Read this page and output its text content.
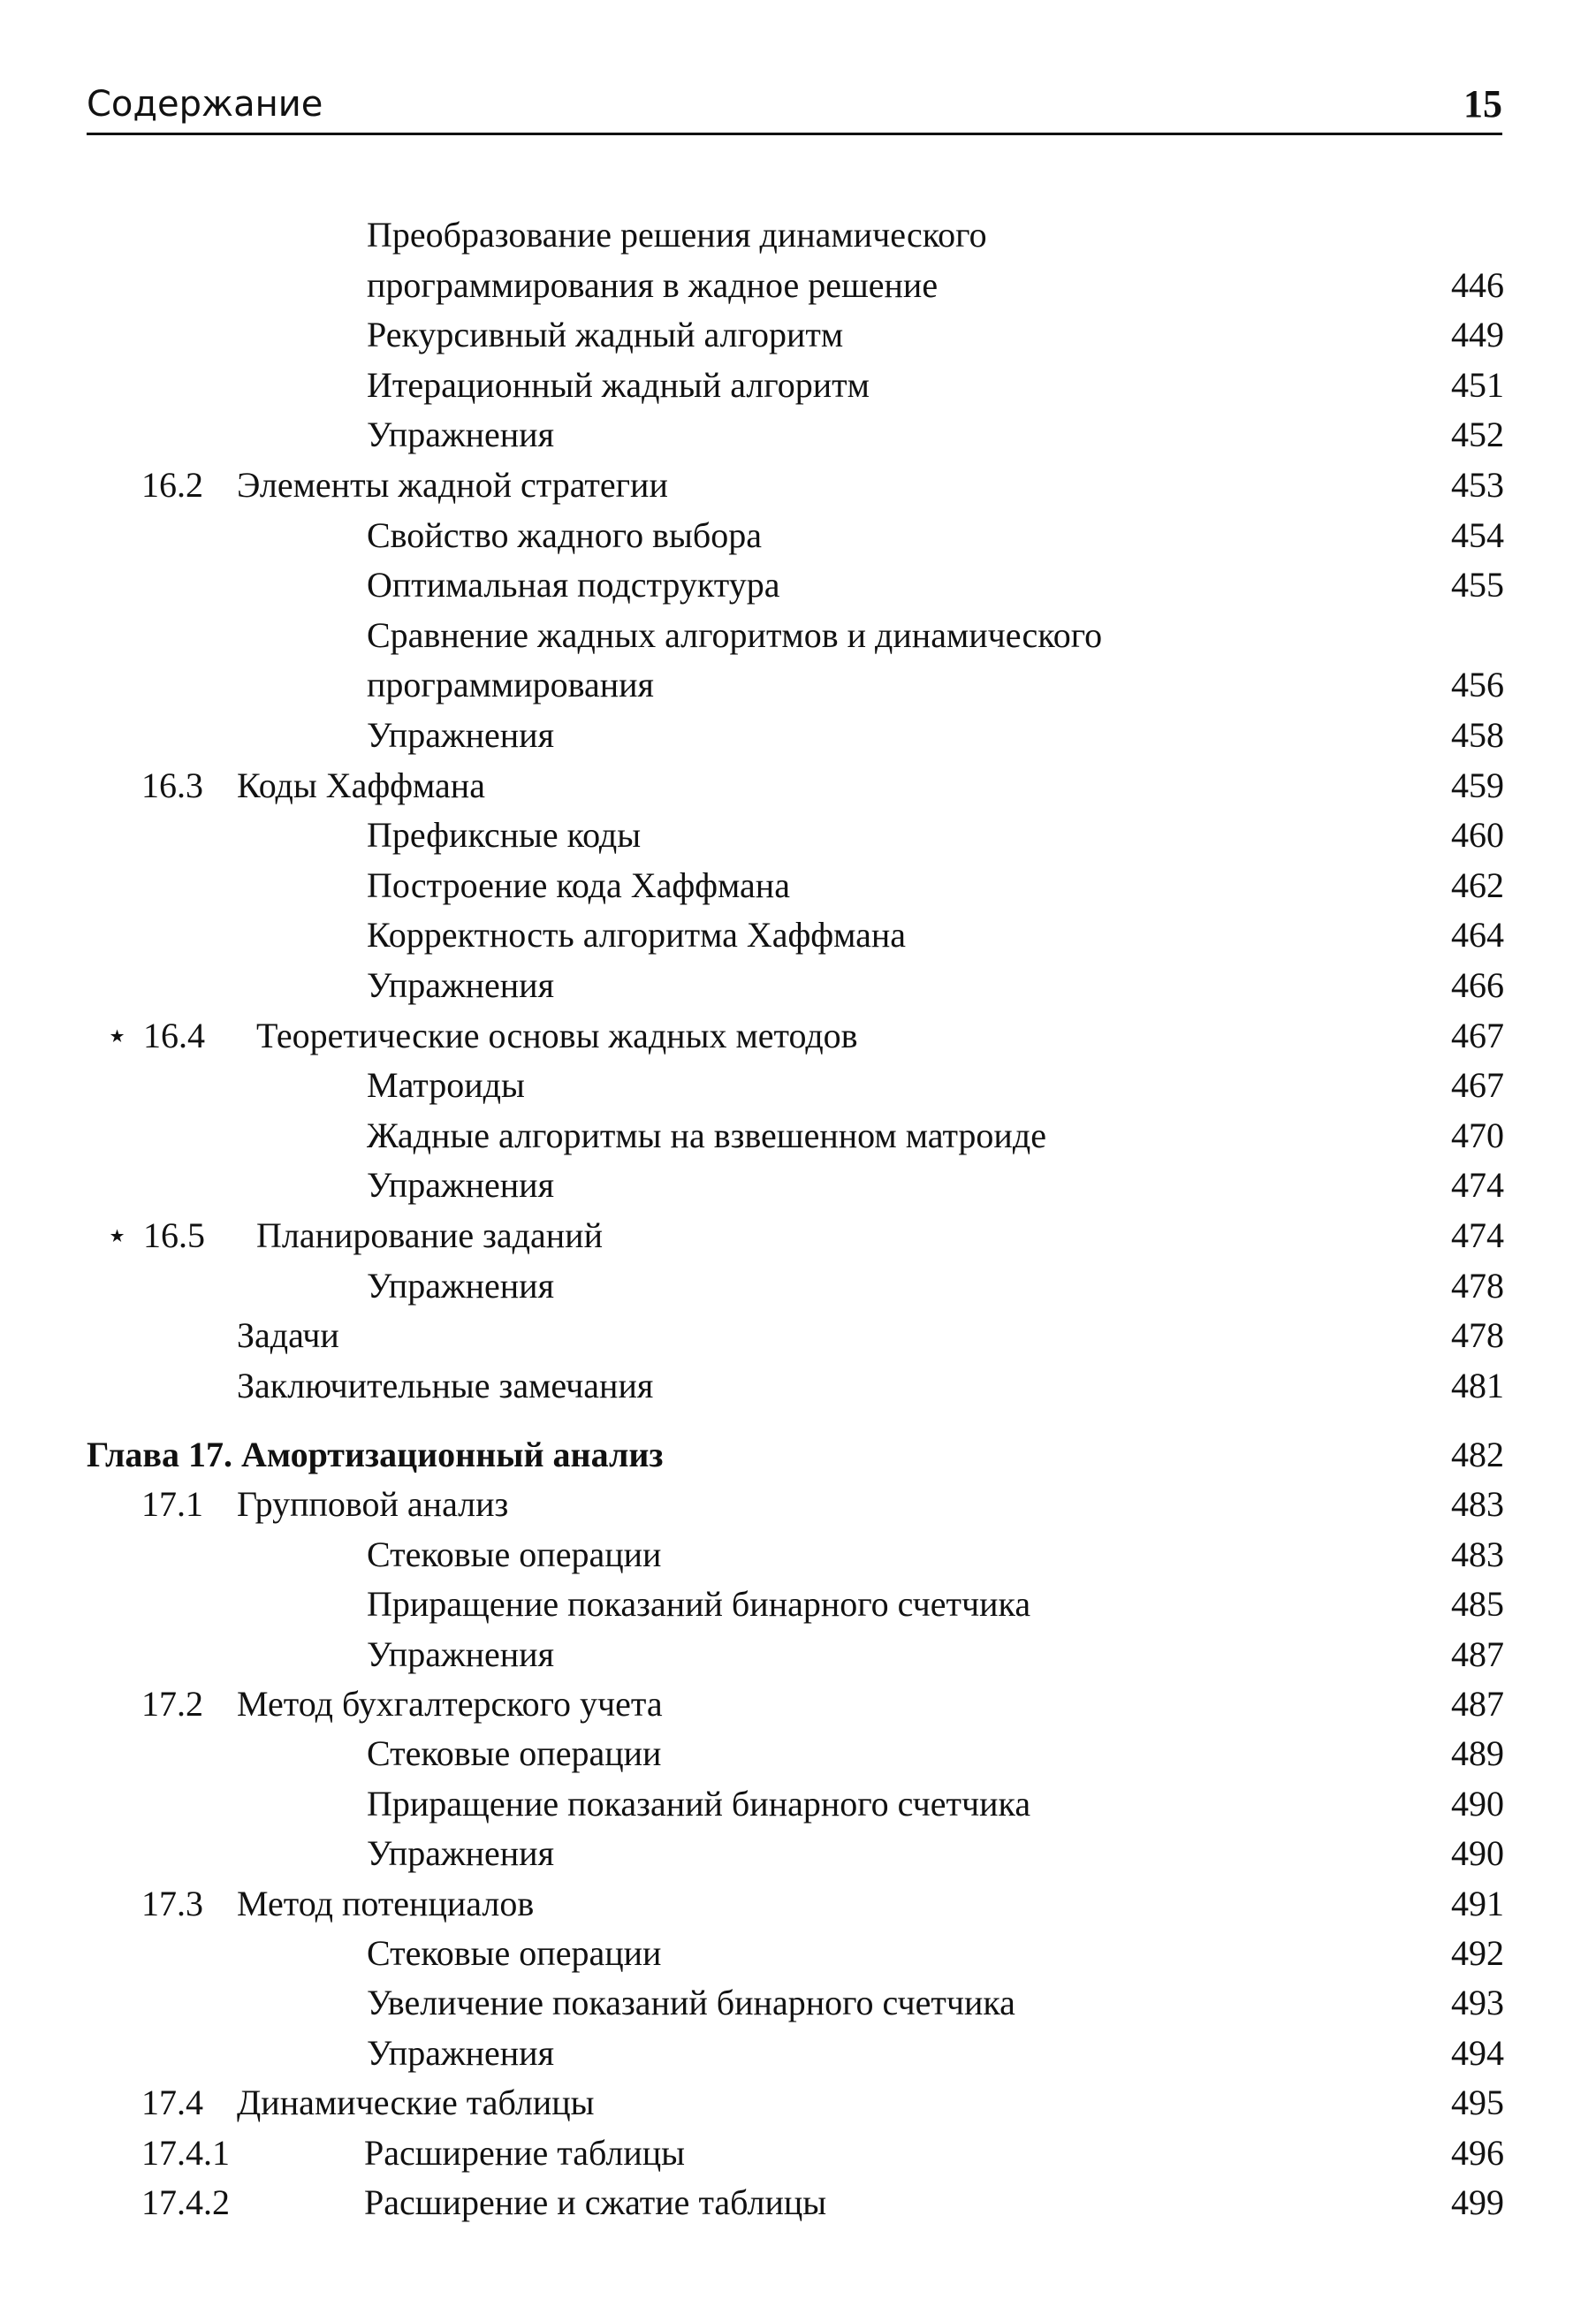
Содержание	15
Преобразование решения динамического
программирования в жадное решение	446
Рекурсивный жадный алгоритм	449
Итерационный жадный алгоритм	451
Упражнения	452
16.2 Элементы жадной стратегии	453
Свойство жадного выбора	454
Оптимальная подструктура	455
Сравнение жадных алгоритмов и динамического
программирования	456
Упражнения	458
16.3 Коды Хаффмана	459
Префиксные коды	460
Построение кода Хаффмана	462
Корректность алгоритма Хаффмана	464
Упражнения	466
⋆ 16.4 Теоретические основы жадных методов	467
Матроиды	467
Жадные алгоритмы на взвешенном матроиде	470
Упражнения	474
⋆ 16.5 Планирование заданий	474
Упражнения	478
Задачи	478
Заключительные замечания	481
Глава 17. Амортизационный анализ	482
17.1 Групповой анализ	483
Стековые операции	483
Приращение показаний бинарного счетчика	485
Упражнения	487
17.2 Метод бухгалтерского учета	487
Стековые операции	489
Приращение показаний бинарного счетчика	490
Упражнения	490
17.3 Метод потенциалов	491
Стековые операции	492
Увеличение показаний бинарного счетчика	493
Упражнения	494
17.4 Динамические таблицы	495
17.4.1	Расширение таблицы	496
17.4.2	Расширение и сжатие таблицы	499
